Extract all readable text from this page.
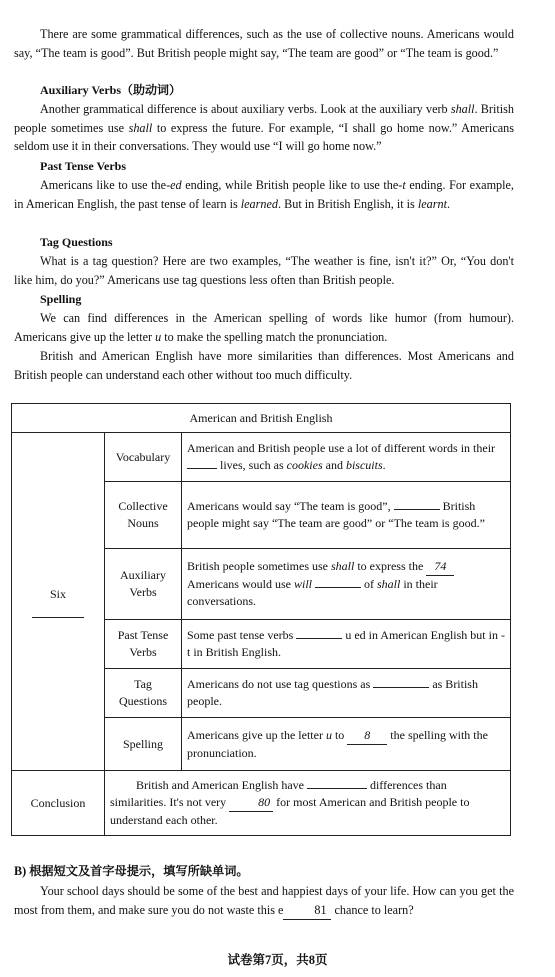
There are some grammatical differences, such as the use of collective nouns. Americans would say, “The team is good”. But British people might say, “The team are good” or “The team is good.”

Auxiliary Verbs（助动词）

Another grammatical difference is about auxiliary verbs. Look at the auxiliary verb shall. British people sometimes use shall to express the future. For example, “I shall go home now.” Americans seldom use it in their conversations. They would use “I will go home now.”

Past Tense Verbs

Americans like to use the-ed ending, while British people like to use the-t ending. For example, in American English, the past tense of learn is learned. But in British English, it is learnt.

Tag Questions

What is a tag question? Here are two examples, “The weather is fine, isn't it?” Or, “You don't like him, do you?” Americans use tag questions less often than British people.

Spelling

We can find differences in the American spelling of words like humor (from humour). Americans give up the letter u to make the spelling match the pronunciation.

British and American English have more similarities than differences. Most Americans and British people can understand each other without too much difficulty.

American and British English		

Six	Vocabulary	American and British people use a lot of different words in their  lives, such as cookies and biscuits.
	Collective Nouns	Americans would say “The team is good”, British people might say “The team are good” or “The team is good.”
	Auxiliary Verbs	British people sometimes use shall to express the 74 Americans would use will of shall in their conversations.
	Past Tense Verbs	Some past tense verbs u ed in American English but in -t in British English.
	Tag Questions	Americans do not use tag questions as as British people.
	Spelling	Americans give up the letter u to 8 the spelling with the pronunciation.
Conclusion	British and American English have differences than similarities. It's not very 80 for most American and British people to understand each other.	
B) 根据短文及首字母提示，填写所缺单词。

Your school days should be some of the best and happiest days of your life. How can you get the most from them, and make sure you do not waste this e	81 chance to learn?

试卷第7页，共8页
